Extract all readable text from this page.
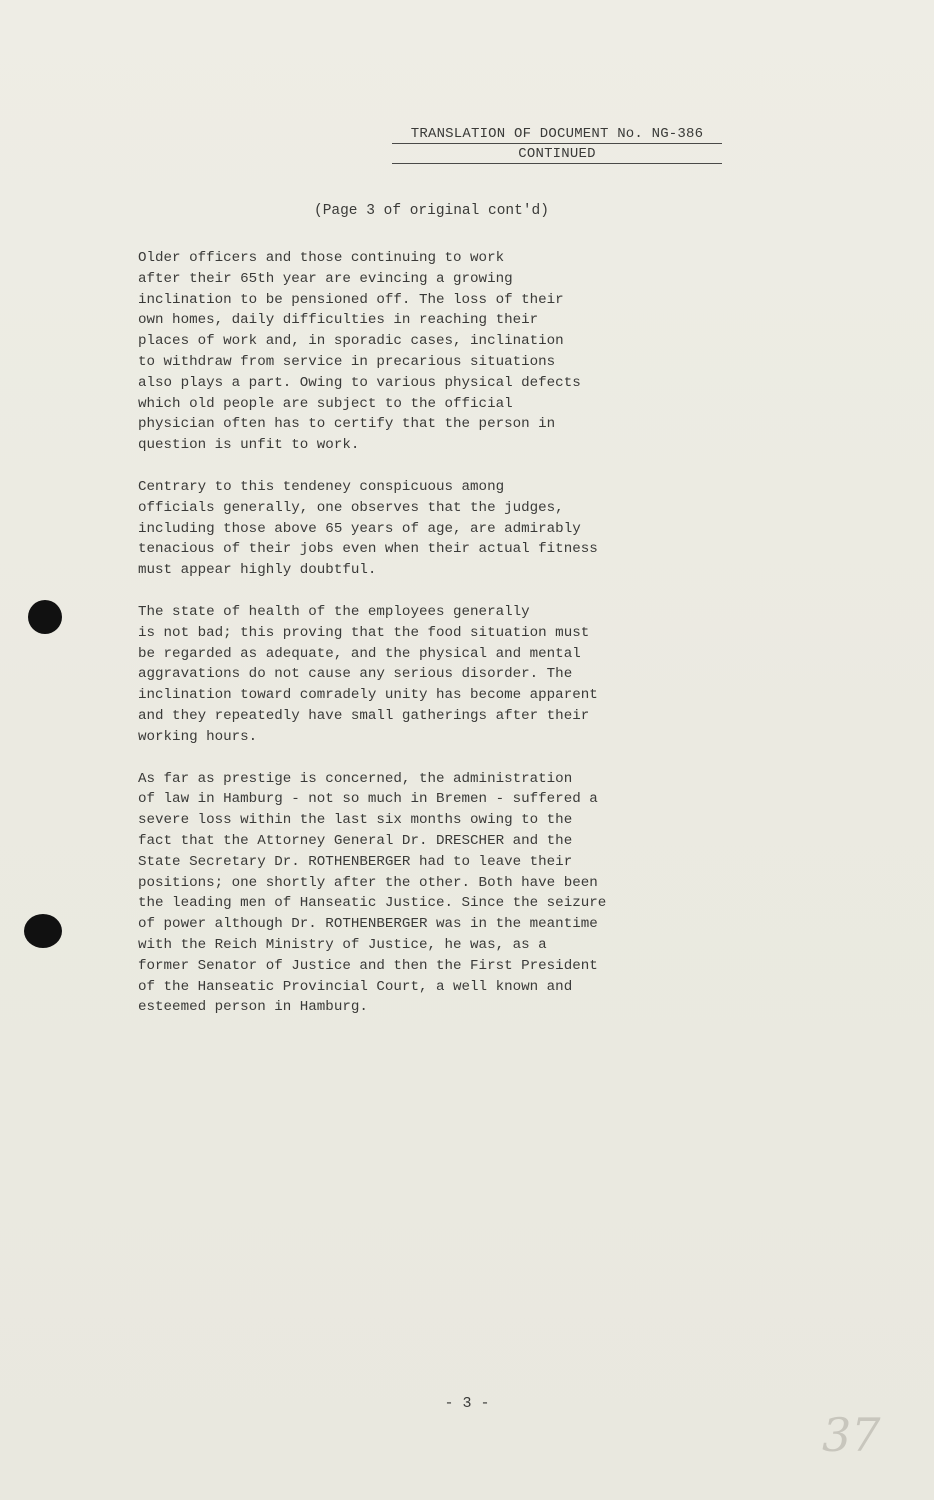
TRANSLATION OF DOCUMENT No. NG-386
CONTINUED
(Page 3 of original cont'd)

Older officers and those continuing to work
after their 65th year are evincing a growing
inclination to be pensioned off. The loss of their
own homes, daily difficulties in reaching their
places of work and, in sporadic cases, inclination
to withdraw from service in precarious situations
also plays a part. Owing to various physical defects
which old people are subject to the official
physician often has to certify that the person in
question is unfit to work.

Centrary to this tendeney conspicuous among
officials generally, one observes that the judges,
including those above 65 years of age, are admirably
tenacious of their jobs even when their actual fitness
must appear highly doubtful.

The state of health of the employees generally
is not bad; this proving that the food situation must
be regarded as adequate, and the physical and mental
aggravations do not cause any serious disorder. The
inclination toward comradely unity has become apparent
and they repeatedly have small gatherings after their
working hours.

As far as prestige is concerned, the administration
of law in Hamburg - not so much in Bremen - suffered a
severe loss within the last six months owing to the
fact that the Attorney General Dr. DRESCHER and the
State Secretary Dr. ROTHENBERGER had to leave their
positions; one shortly after the other. Both have been
the leading men of Hanseatic Justice. Since the seizure
of power although Dr. ROTHENBERGER was in the meantime
with the Reich Ministry of Justice, he was, as a
former Senator of Justice and then the First President
of the Hanseatic Provincial Court, a well known and
esteemed person in Hamburg.

- 3 -
37
